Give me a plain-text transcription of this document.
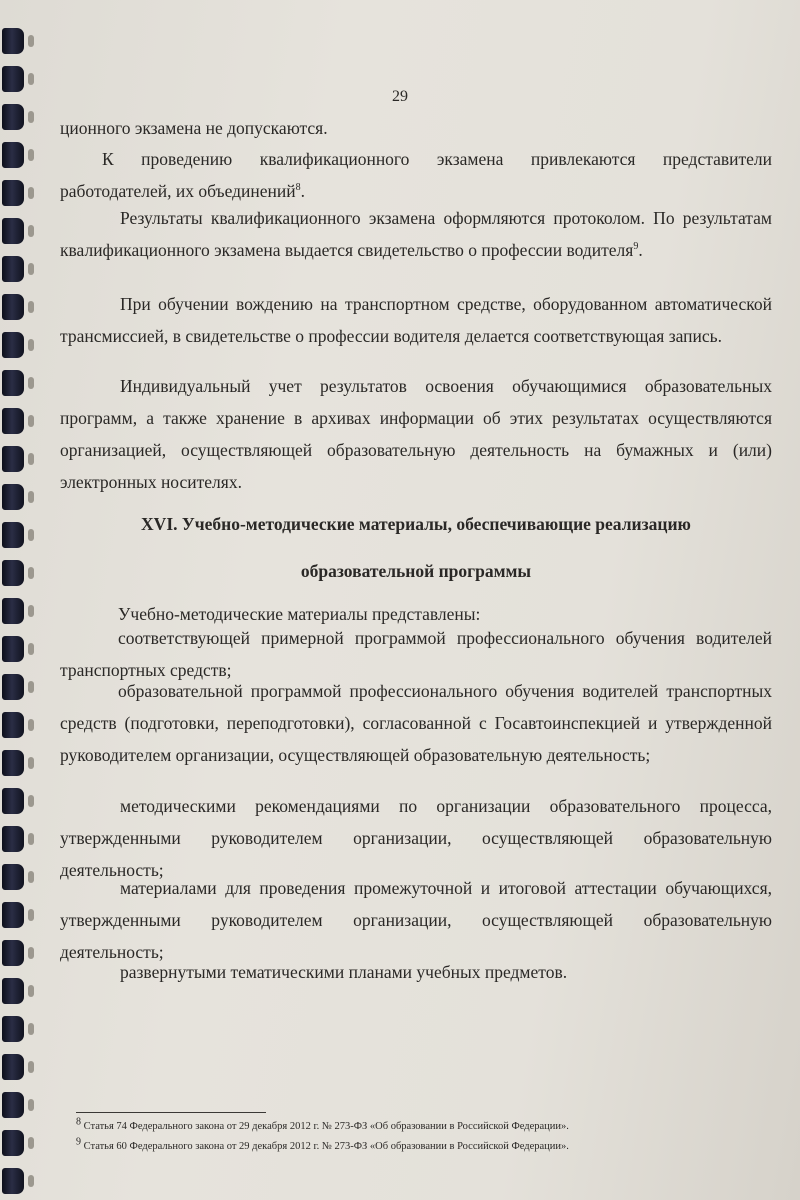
29

ционного экзамена не допускаются.

К проведению квалификационного экзамена привлекаются представители работодателей, их объединений$^8$.

Результаты квалификационного экзамена оформляются протоколом. По результатам квалификационного экзамена выдается свидетельство о профессии водителя$^9$.

При обучении вождению на транспортном средстве, оборудованном автоматической трансмиссией, в свидетельстве о профессии водителя делается соответствующая запись.

Индивидуальный учет результатов освоения обучающимися образовательных программ, а также хранение в архивах информации об этих результатах осуществляются организацией, осуществляющей образовательную деятельность на бумажных и (или) электронных носителях.

XVI. Учебно-методические материалы, обеспечивающие реализацию
образовательной программы

Учебно-методические материалы представлены:

соответствующей примерной программой профессионального обучения водителей транспортных средств;

образовательной программой профессионального обучения водителей транспортных средств (подготовки, переподготовки), согласованной с Госавтоинспекцией и утвержденной руководителем организации, осуществляющей образовательную деятельность;

методическими рекомендациями по организации образовательного процесса, утвержденными руководителем организации, осуществляющей образовательную деятельность;

материалами для проведения промежуточной и итоговой аттестации обучающихся, утвержденными руководителем организации, осуществляющей образовательную деятельность;

развернутыми тематическими планами учебных предметов.

$^8$ Статья 74 Федерального закона от 29 декабря 2012 г. № 273-ФЗ «Об образовании в Российской Федерации».
$^9$ Статья 60 Федерального закона от 29 декабря 2012 г. № 273-ФЗ «Об образовании в Российской Федерации».
